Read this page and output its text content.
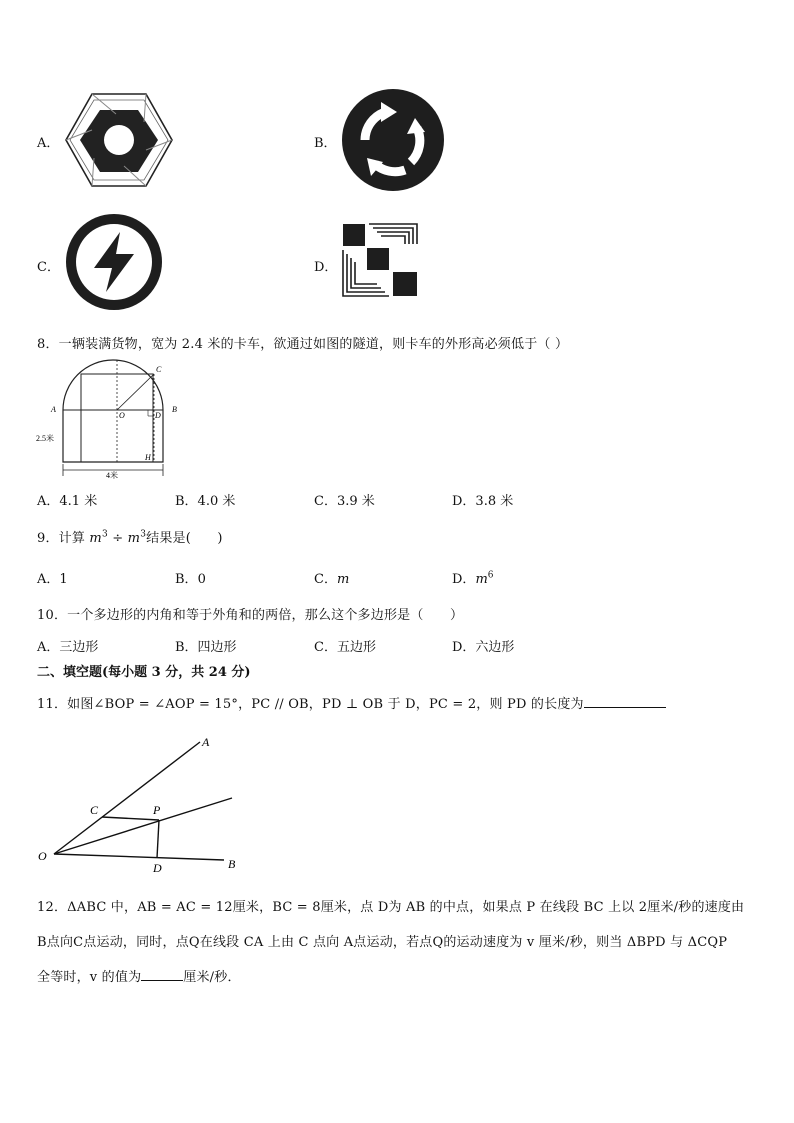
A．	B．
C．	D．
8．一辆装满货物，宽为 2.4 米的卡车，欲通过如图的隧道，则卡车的外形高必须低于（ ）
A	B
C
D
O
H
2.5米
4米
A．4.1 米	B．4.0 米	C．3.9 米	D．3.8 米
9．计算 $m^3 \div m^3$结果是(　　)
A．1	B．0	C．m	D．$m^6$
10．一个多边形的内角和等于外角和的两倍，那么这个多边形是（　　）
A．三边形	B．四边形	C．五边形	D．六边形
二、填空题(每小题 3 分，共 24 分)
11．如图∠BOP = ∠AOP = 15°，PC // OB，PD ⊥ OB 于 D，PC = 2，则 PD 的长度为
A
B
C
D
O
P
12．ΔABC 中，AB = AC = 12厘米，BC = 8厘米，点 D为 AB 的中点，如果点 P 在线段 BC 上以 2厘米/秒的速度由
B点向C点运动，同时，点Q在线段 CA 上由 C 点向 A点运动，若点Q的运动速度为 v 厘米/秒，则当 ΔBPD 与 ΔCQP
全等时，v 的值为	厘米/秒．
